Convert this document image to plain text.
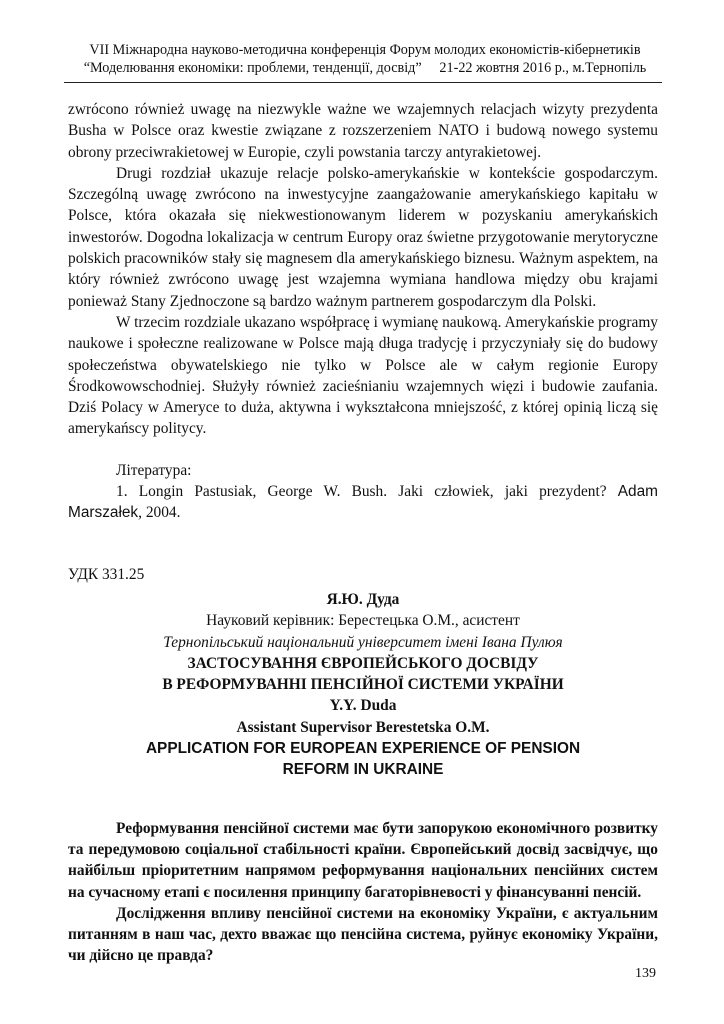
VII Міжнародна науково-методична конференція Форум молодих економістів-кібернетиків
“Моделювання економіки: проблеми, тенденції, досвід”     21-22 жовтня 2016 р., м.Тернопіль

zwrócono również uwagę na niezwykle ważne we wzajemnych relacjach wizyty prezydenta Busha w Polsce oraz kwestie związane z rozszerzeniem NATO i budową nowego systemu obrony przeciwrakietowej w Europie, czyli powstania tarczy antyrakietowej.

Drugi rozdział ukazuje relacje polsko-amerykańskie w kontekście gospodarczym. Szczególną uwagę zwrócono na inwestycyjne zaangażowanie amerykańskiego kapitału w Polsce, która okazała się niekwestionowanym liderem w pozyskaniu amerykańskich inwestorów. Dogodna lokalizacja w centrum Europy oraz świetne przygotowanie merytoryczne polskich pracowników stały się magnesem dla amerykańskiego biznesu. Ważnym aspektem, na który również zwrócono uwagę jest wzajemna wymiana handlowa między obu krajami ponieważ Stany Zjednoczone są bardzo ważnym partnerem gospodarczym dla Polski.

W trzecim rozdziale ukazano współpracę i wymianę naukową. Amerykańskie programy naukowe i społeczne realizowane w Polsce mają długa tradycję i przyczyniały się do budowy społeczeństwa obywatelskiego nie tylko w Polsce ale w całym regionie Europy Środkowowschodniej. Służyły również zacieśnianiu wzajemnych więzi i budowie zaufania. Dziś Polacy w Ameryce to duża, aktywna i wykształcona mniejszość, z której opinią liczą się amerykańscy politycy.

Література:

1. Longin Pastusiak, George W. Bush. Jaki człowiek, jaki prezydent? Adam Marszałek, 2004.

УДК 331.25

Я.Ю. Дуда

Науковий керівник: Берестецька О.М., асистент

Тернопільський національний університет імені Івана Пулюя

ЗАСТОСУВАННЯ ЄВРОПЕЙСЬКОГО ДОСВІДУ

В РЕФОРМУВАННІ ПЕНСІЙНОЇ СИСТЕМИ УКРАЇНИ

Y.Y. Duda

Assistant Supervisor Berestetska O.M.

APPLICATION FOR EUROPEAN EXPERIENCE OF PENSION

REFORM IN UKRAINE

Реформування пенсійної системи має бути запорукою економічного розвитку та передумовою соціальної стабільності країни. Європейський досвід засвідчує, що найбільш пріоритетним напрямом реформування національних пенсійних систем на сучасному етапі є посилення принципу багаторівневості у фінансуванні пенсій.

Дослідження впливу пенсійної системи на економіку України, є актуальним питанням в наш час, дехто вважає що пенсійна система, руйнує економіку України, чи дійсно це правда?

139
